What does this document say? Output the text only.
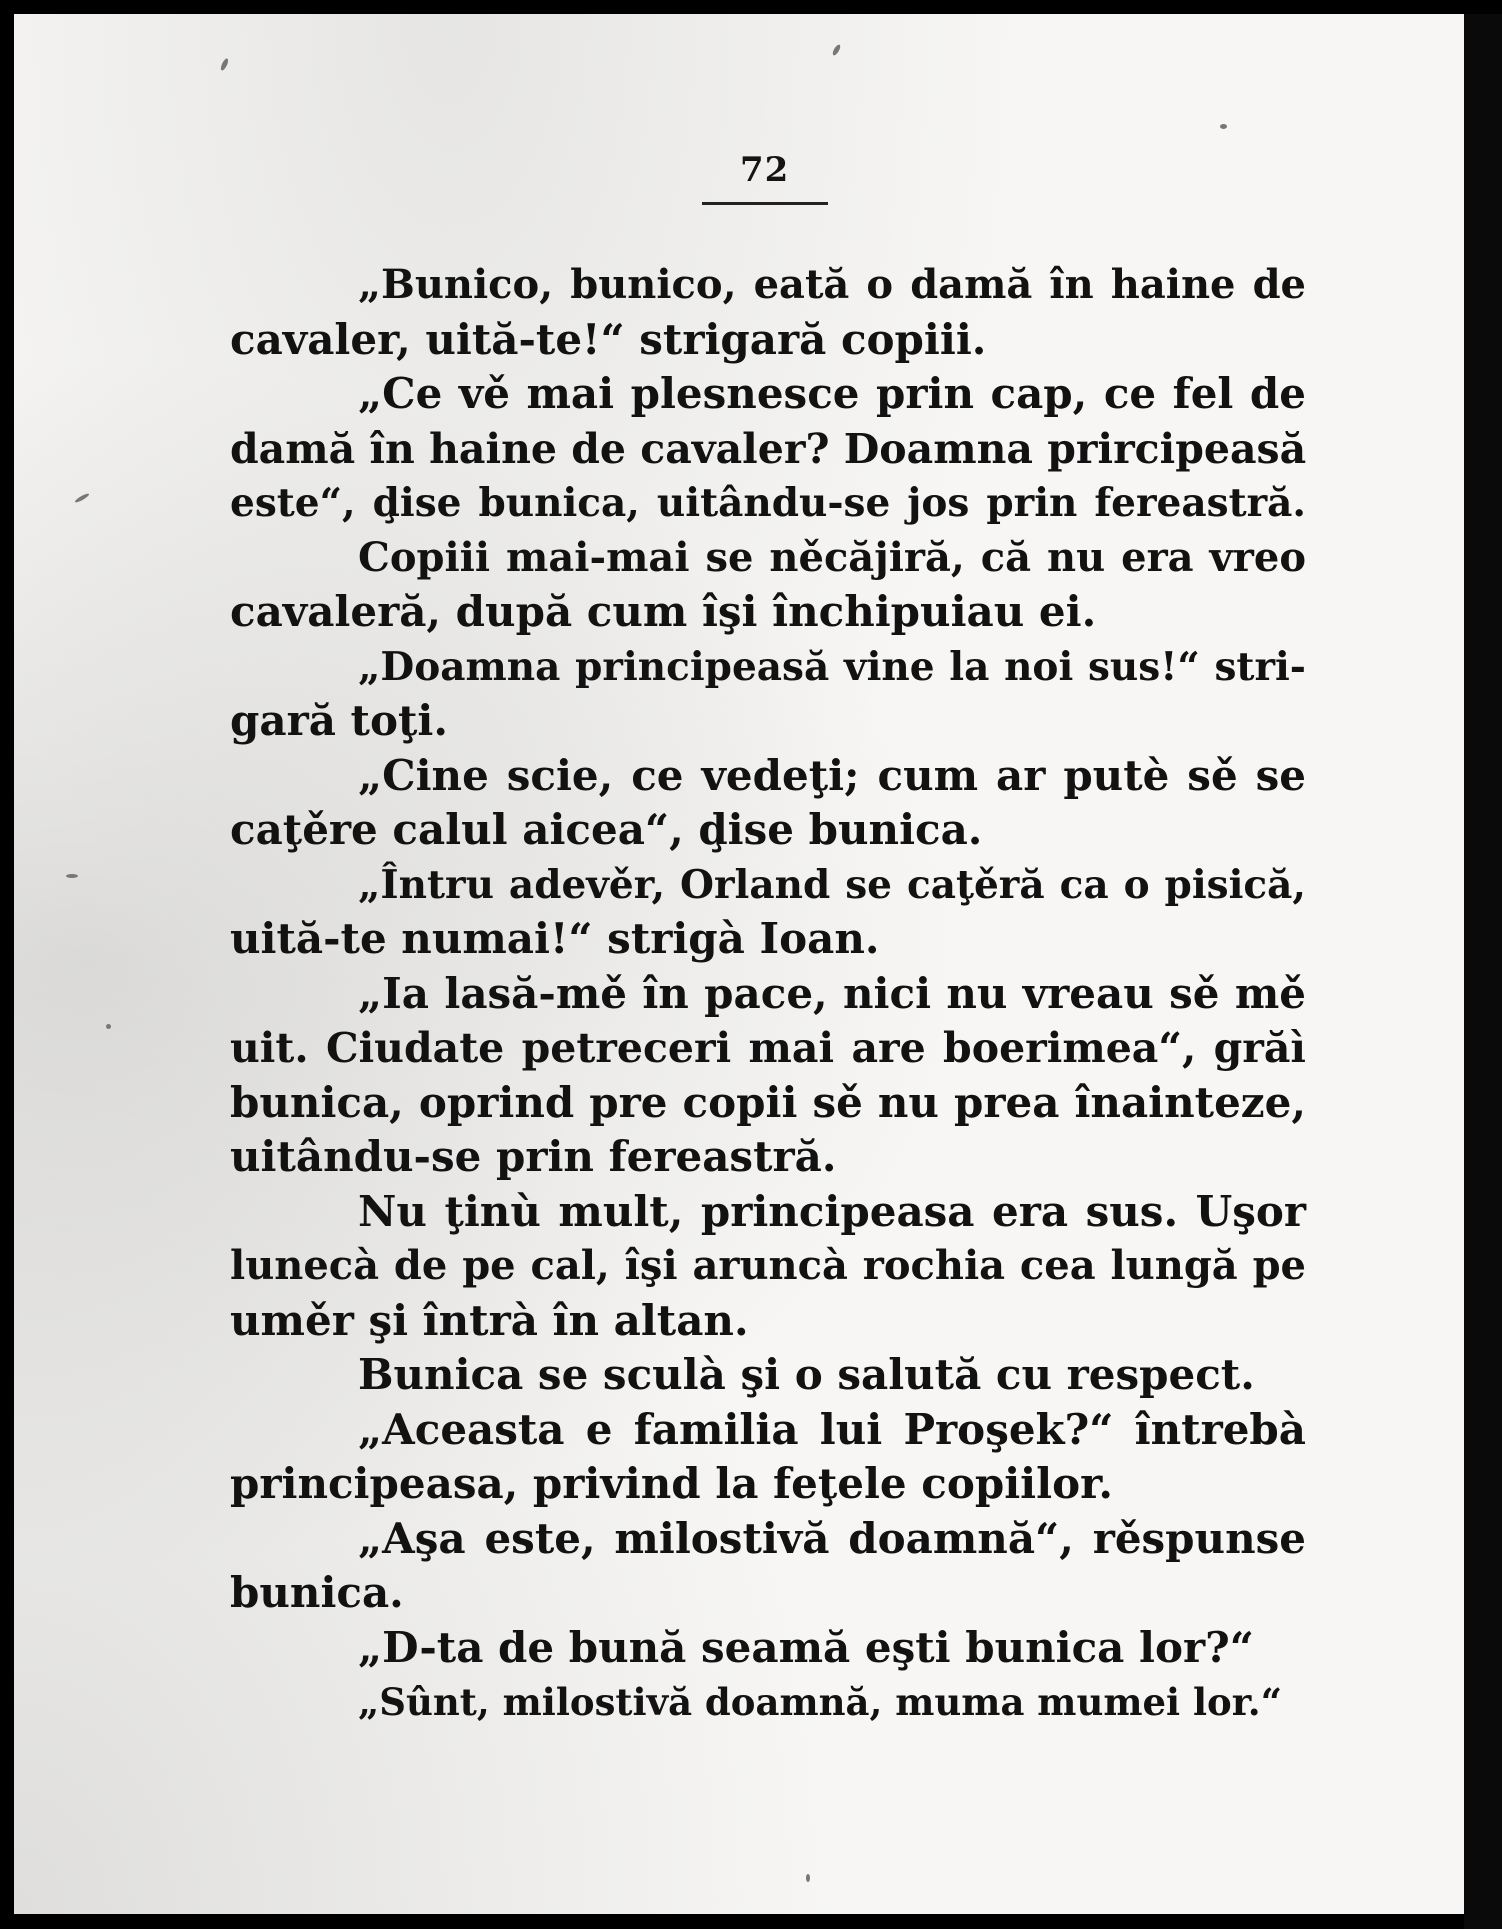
72
„Bunico, bunico, eată o damă în haine de
cavaler, uită-te!“ strigară copiii.
„Ce vě mai plesnesce prin cap, ce fel de
damă în haine de cavaler? Doamna prircipeasă
este“, ḑise bunica, uitându-se jos prin fereastră.
Copiii mai-mai se něcăjiră, că nu era vreo
cavaleră, după cum îşi închipuiau ei.
„Doamna principeasă vine la noi sus!“ stri-
gară toţi.
„Cine scie, ce vedeţi; cum ar putè sě se
caţěre calul aicea“, ḑise bunica.
„Întru adevěr, Orland se caţěră ca o pisică,
uită-te numai!“ strigà Ioan.
„Ia lasă-mě în pace, nici nu vreau sě mě
uit. Ciudate petreceri mai are boerimea“, grăì
bunica, oprind pre copii sě nu prea înainteze,
uitându-se prin fereastră.
Nu ţinù mult, principeasa era sus. Uşor
lunecà de pe cal, îşi aruncà rochia cea lungă pe
uměr şi întrà în altan.
Bunica se sculà şi o salută cu respect.
„Aceasta e familia lui Proşek?“ întrebà
principeasa, privind la feţele copiilor.
„Aşa este, milostivă doamnă“, rěspunse
bunica.
„D-ta de bună seamă eşti bunica lor?“
„Sûnt, milostivă doamnă, muma mumei lor.“
